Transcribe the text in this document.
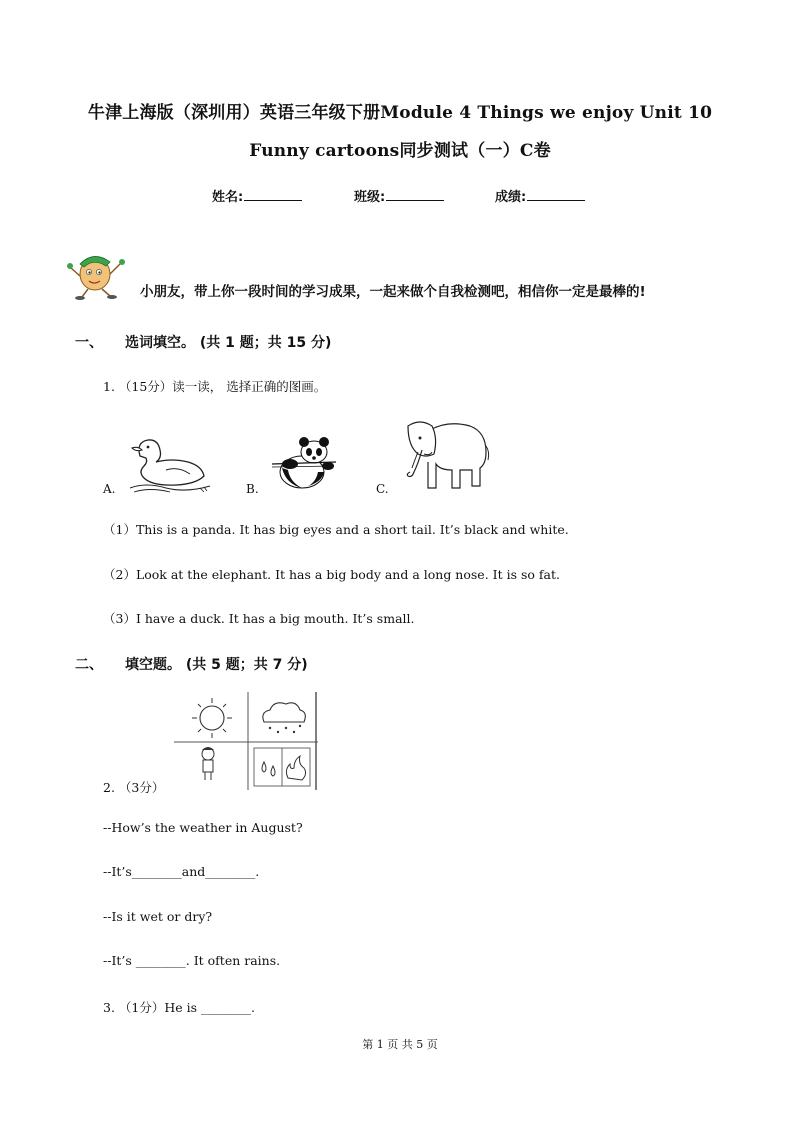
牛津上海版（深圳用）英语三年级下册Module 4 Things we enjoy Unit 10
Funny cartoons同步测试（一）C卷
姓名:	班级:	成绩:
小朋友，带上你一段时间的学习成果，一起来做个自我检测吧，相信你一定是最棒的!
一、 选词填空。 (共 1 题；共 15 分)
1. （15分）读一读， 选择正确的图画。
A.	B.	C.
（1）This is a panda. It has big eyes and a short tail. It’s black and white.
（2）Look at the elephant. It has a big body and a long nose. It is so fat.
（3）I have a duck. It has a big mouth. It’s small.
二、 填空题。 (共 5 题；共 7 分)
2. （3分）
--How’s the weather in August?
--It’s________and________.
--Is it wet or dry?
--It’s ________. It often rains.
3. （1分）He is ________.
第 1 页 共 5 页
